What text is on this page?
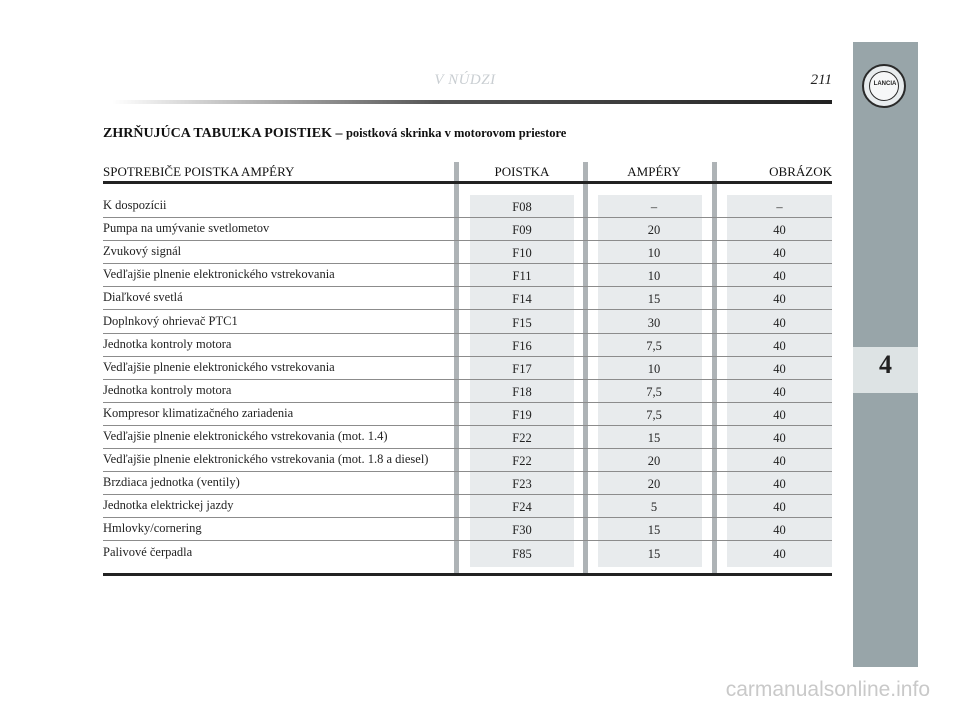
V NÚDZI	211	LANCIA
4
ZHRŇUJÚCA TABUĽKA POISTIEK – poistková skrinka v motorovom priestore
SPOTREBIČE POISTKA AMPÉRY	POISTKA	AMPÉRY	OBRÁZOK
K dospozícii	F08	–	–
Pumpa na umývanie svetlometov	F09	20	40
Zvukový signál	F10	10	40
Vedľajšie plnenie elektronického vstrekovania	F11	10	40
Diaľkové svetlá	F14	15	40
Doplnkový ohrievač PTC1	F15	30	40
Jednotka kontroly motora	F16	7,5	40
Vedľajšie plnenie elektronického vstrekovania	F17	10	40
Jednotka kontroly motora	F18	7,5	40
Kompresor klimatizačného zariadenia	F19	7,5	40
Vedľajšie plnenie elektronického vstrekovania (mot. 1.4)	F22	15	40
Vedľajšie plnenie elektronického vstrekovania (mot. 1.8 a diesel)	F22	20	40
Brzdiaca jednotka (ventily)	F23	20	40
Jednotka elektrickej jazdy	F24	5	40
Hmlovky/cornering	F30	15	40
Palivové čerpadla	F85	15	40
carmanualsonline.info
